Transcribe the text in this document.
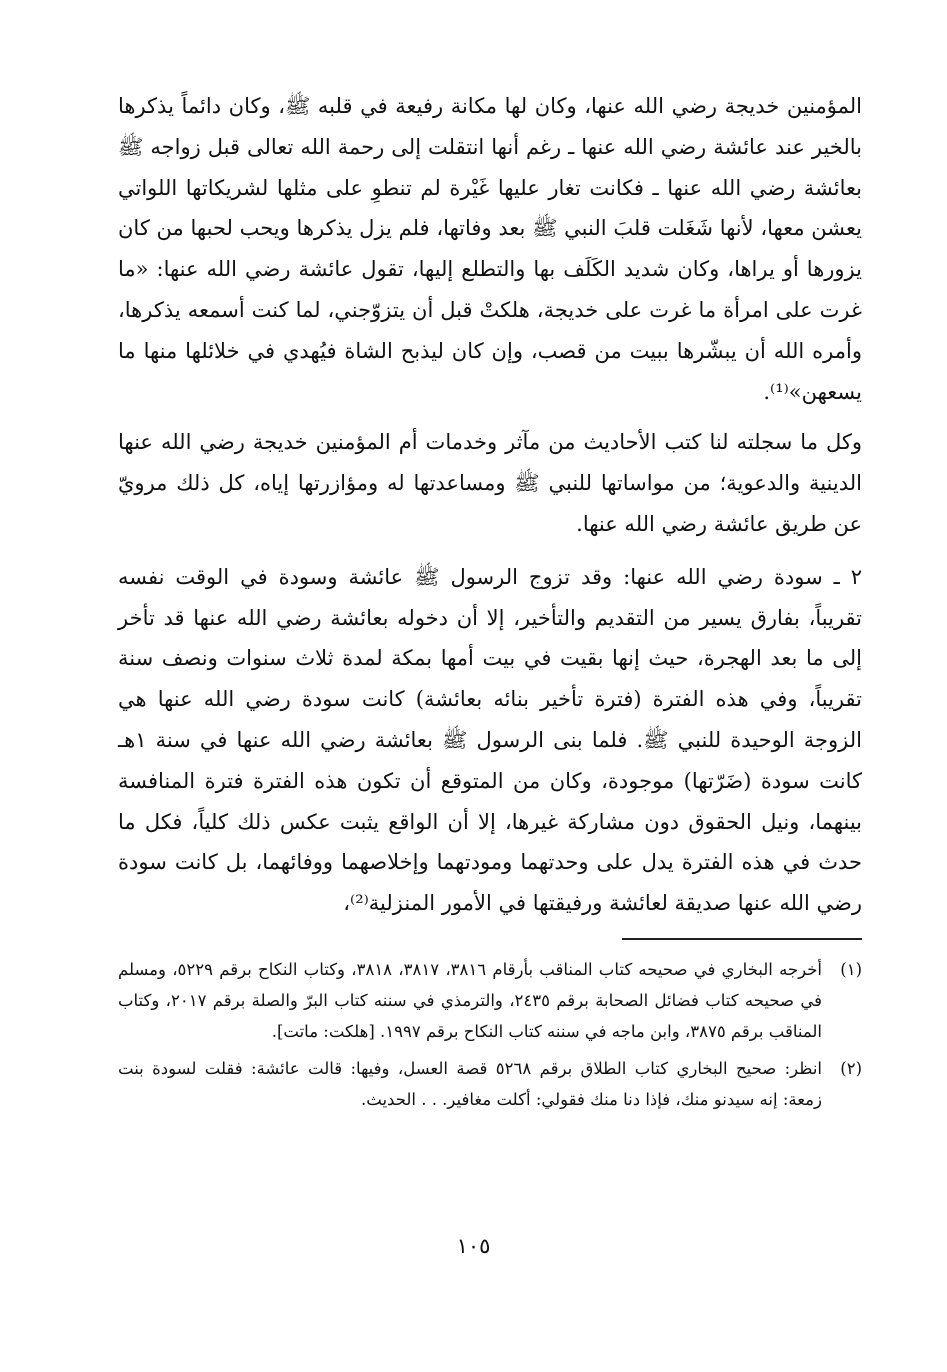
المؤمنين خديجة رضي الله عنها، وكان لها مكانة رفيعة في قلبه ﷺ، وكان دائماً يذكرها بالخير عند عائشة رضي الله عنها ـ رغم أنها انتقلت إلى رحمة الله تعالى قبل زواجه ﷺ بعائشة رضي الله عنها ـ فكانت تغار عليها غَيْرة لم تنطوِ على مثلها لشريكاتها اللواتي يعشن معها، لأنها شَغَلت قلبَ النبي ﷺ بعد وفاتها، فلم يزل يذكرها ويحب لحبها من كان يزورها أو يراها، وكان شديد الكَلَف بها والتطلع إليها، تقول عائشة رضي الله عنها: «ما غرت على امرأة ما غرت على خديجة، هلكتْ قبل أن يتزوّجني، لما كنت أسمعه يذكرها، وأمره الله أن يبشّرها ببيت من قصب، وإن كان ليذبح الشاة فيُهدي في خلائلها منها ما يسعهن»⁽¹⁾.

وكل ما سجلته لنا كتب الأحاديث من مآثر وخدمات أم المؤمنين خديجة رضي الله عنها الدينية والدعوية؛ من مواساتها للنبي ﷺ ومساعدتها له ومؤازرتها إياه، كل ذلك مرويّ عن طريق عائشة رضي الله عنها.

٢ ـ سودة رضي الله عنها: وقد تزوج الرسول ﷺ عائشة وسودة في الوقت نفسه تقريباً، بفارق يسير من التقديم والتأخير، إلا أن دخوله بعائشة رضي الله عنها قد تأخر إلى ما بعد الهجرة، حيث إنها بقيت في بيت أمها بمكة لمدة ثلاث سنوات ونصف سنة تقريباً، وفي هذه الفترة (فترة تأخير بنائه بعائشة) كانت سودة رضي الله عنها هي الزوجة الوحيدة للنبي ﷺ. فلما بنى الرسول ﷺ بعائشة رضي الله عنها في سنة ١هـ كانت سودة (ضَرّتها) موجودة، وكان من المتوقع أن تكون هذه الفترة فترة المنافسة بينهما، ونيل الحقوق دون مشاركة غيرها، إلا أن الواقع يثبت عكس ذلك كلياً، فكل ما حدث في هذه الفترة يدل على وحدتهما ومودتهما وإخلاصهما ووفائهما، بل كانت سودة رضي الله عنها صديقة لعائشة ورفيقتها في الأمور المنزلية⁽²⁾،

(١)
أخرجه البخاري في صحيحه كتاب المناقب بأرقام ٣٨١٦، ٣٨١٧، ٣٨١٨، وكتاب النكاح برقم ٥٢٢٩، ومسلم في صحيحه كتاب فضائل الصحابة برقم ٢٤٣٥، والترمذي في سننه كتاب البرّ والصلة برقم ٢٠١٧، وكتاب المناقب برقم ٣٨٧٥، وابن ماجه في سننه كتاب النكاح برقم ١٩٩٧. [هلكت: ماتت].
(٢)
انظر: صحيح البخاري كتاب الطلاق برقم ٥٢٦٨ قصة العسل، وفيها: قالت عائشة: فقلت لسودة بنت زمعة: إنه سيدنو منك، فإذا دنا منك فقولي: أكلت مغافير. . . الحديث.
١٠٥
